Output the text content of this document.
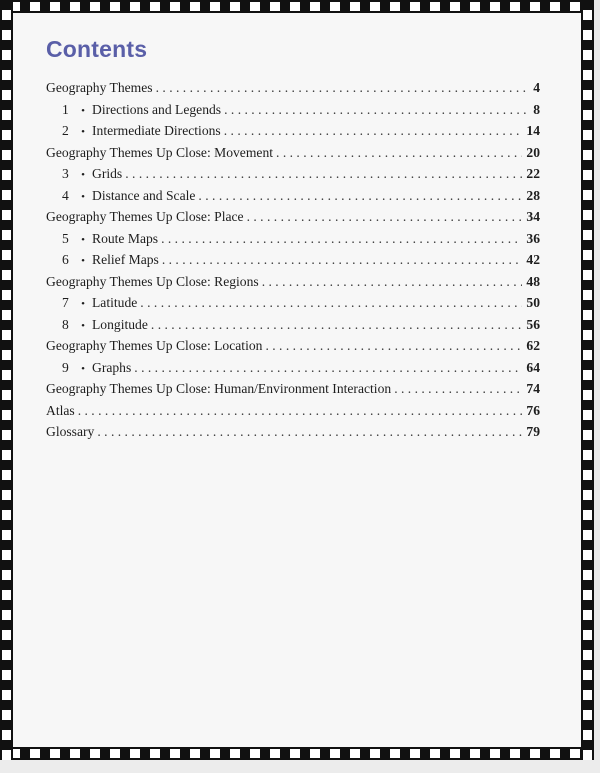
Contents
Geography Themes . . .	4
1	• Directions and Legends . . .	8
2	• Intermediate Directions . . .	14
Geography Themes Up Close: Movement . . .	20
3	• Grids . . .	22
4	• Distance and Scale . . .	28
Geography Themes Up Close: Place . . .	34
5	• Route Maps . . .	36
6	• Relief Maps . . .	42
Geography Themes Up Close: Regions . . .	48
7	• Latitude . . .	50
8	• Longitude . . .	56
Geography Themes Up Close: Location . . .	62
9	• Graphs . . .	64
Geography Themes Up Close: Human/Environment Interaction . . .	74
Atlas . . .	76
Glossary . . .	79
